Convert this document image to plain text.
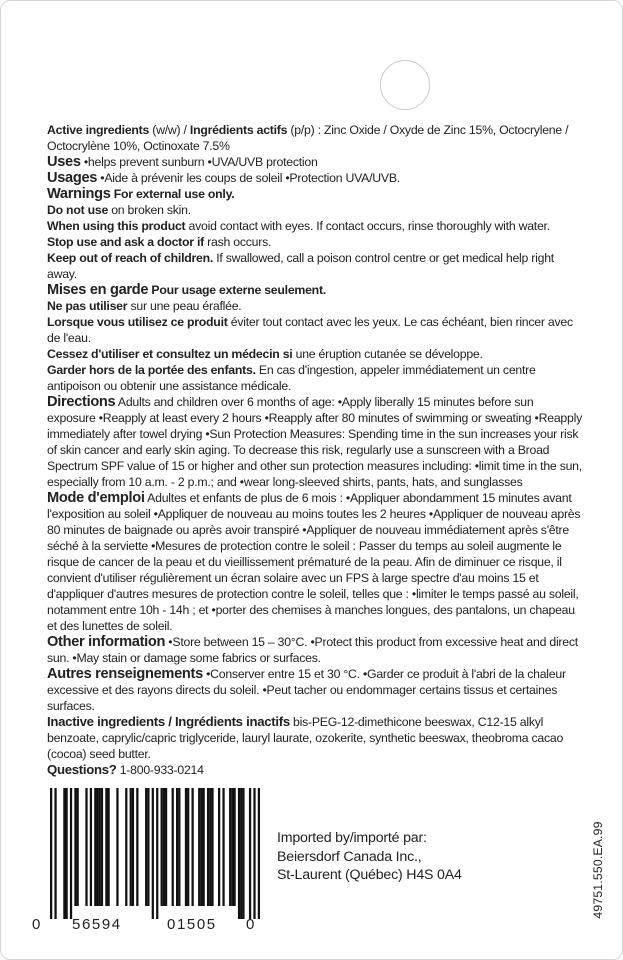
Active ingredients (w/w) / Ingrédients actifs (p/p) : Zinc Oxide / Oxyde de Zinc 15%, Octocrylene / Octocrylène 10%, Octinoxate 7.5%

Uses •helps prevent sunburn •UVA/UVB protection

Usages •Aide à prévenir les coups de soleil •Protection UVA/UVB.

Warnings For external use only.

Do not use on broken skin.

When using this product avoid contact with eyes. If contact occurs, rinse thoroughly with water.

Stop use and ask a doctor if rash occurs.

Keep out of reach of children. If swallowed, call a poison control centre or get medical help right away.

Mises en garde Pour usage externe seulement.

Ne pas utiliser sur une peau éraflée.

Lorsque vous utilisez ce produit éviter tout contact avec les yeux. Le cas échéant, bien rincer avec de l'eau.

Cessez d'utiliser et consultez un médecin si une éruption cutanée se développe.

Garder hors de la portée des enfants. En cas d'ingestion, appeler immédiatement un centre antipoison ou obtenir une assistance médicale.

Directions Adults and children over 6 months of age: •Apply liberally 15 minutes before sun exposure •Reapply at least every 2 hours •Reapply after 80 minutes of swimming or sweating •Reapply immediately after towel drying •Sun Protection Measures: Spending time in the sun increases your risk of skin cancer and early skin aging. To decrease this risk, regularly use a sunscreen with a Broad Spectrum SPF value of 15 or higher and other sun protection measures including: •limit time in the sun, especially from 10 a.m. - 2 p.m.; and •wear long-sleeved shirts, pants, hats, and sunglasses

Mode d'emploi Adultes et enfants de plus de 6 mois : •Appliquer abondamment 15 minutes avant l'exposition au soleil •Appliquer de nouveau au moins toutes les 2 heures •Appliquer de nouveau après 80 minutes de baignade ou après avoir transpiré •Appliquer de nouveau immédiatement après s'être séché à la serviette •Mesures de protection contre le soleil : Passer du temps au soleil augmente le risque de cancer de la peau et du vieillissement prématuré de la peau. Afin de diminuer ce risque, il convient d'utiliser régulièrement un écran solaire avec un FPS à large spectre d'au moins 15 et d'appliquer d'autres mesures de protection contre le soleil, telles que : •limiter le temps passé au soleil, notamment entre 10h - 14h ; et •porter des chemises à manches longues, des pantalons, un chapeau et des lunettes de soleil.

Other information •Store between 15 – 30°C. •Protect this product from excessive heat and direct sun. •May stain or damage some fabrics or surfaces.

Autres renseignements •Conserver entre 15 et 30 °C. •Garder ce produit à l'abri de la chaleur excessive et des rayons directs du soleil. •Peut tacher ou endommager certains tissus et certaines surfaces.

Inactive ingredients / Ingrédients inactifs bis-PEG-12-dimethicone beeswax, C12-15 alkyl benzoate, caprylic/capric triglyceride, lauryl laurate, ozokerite, synthetic beeswax, theobroma cacao (cocoa) seed butter.

Questions? 1-800-933-0214

0 56594	01505 0

Imported by/importé par:

Beiersdorf Canada Inc.,

St-Laurent (Québec) H4S 0A4	49751.550.EA.99
